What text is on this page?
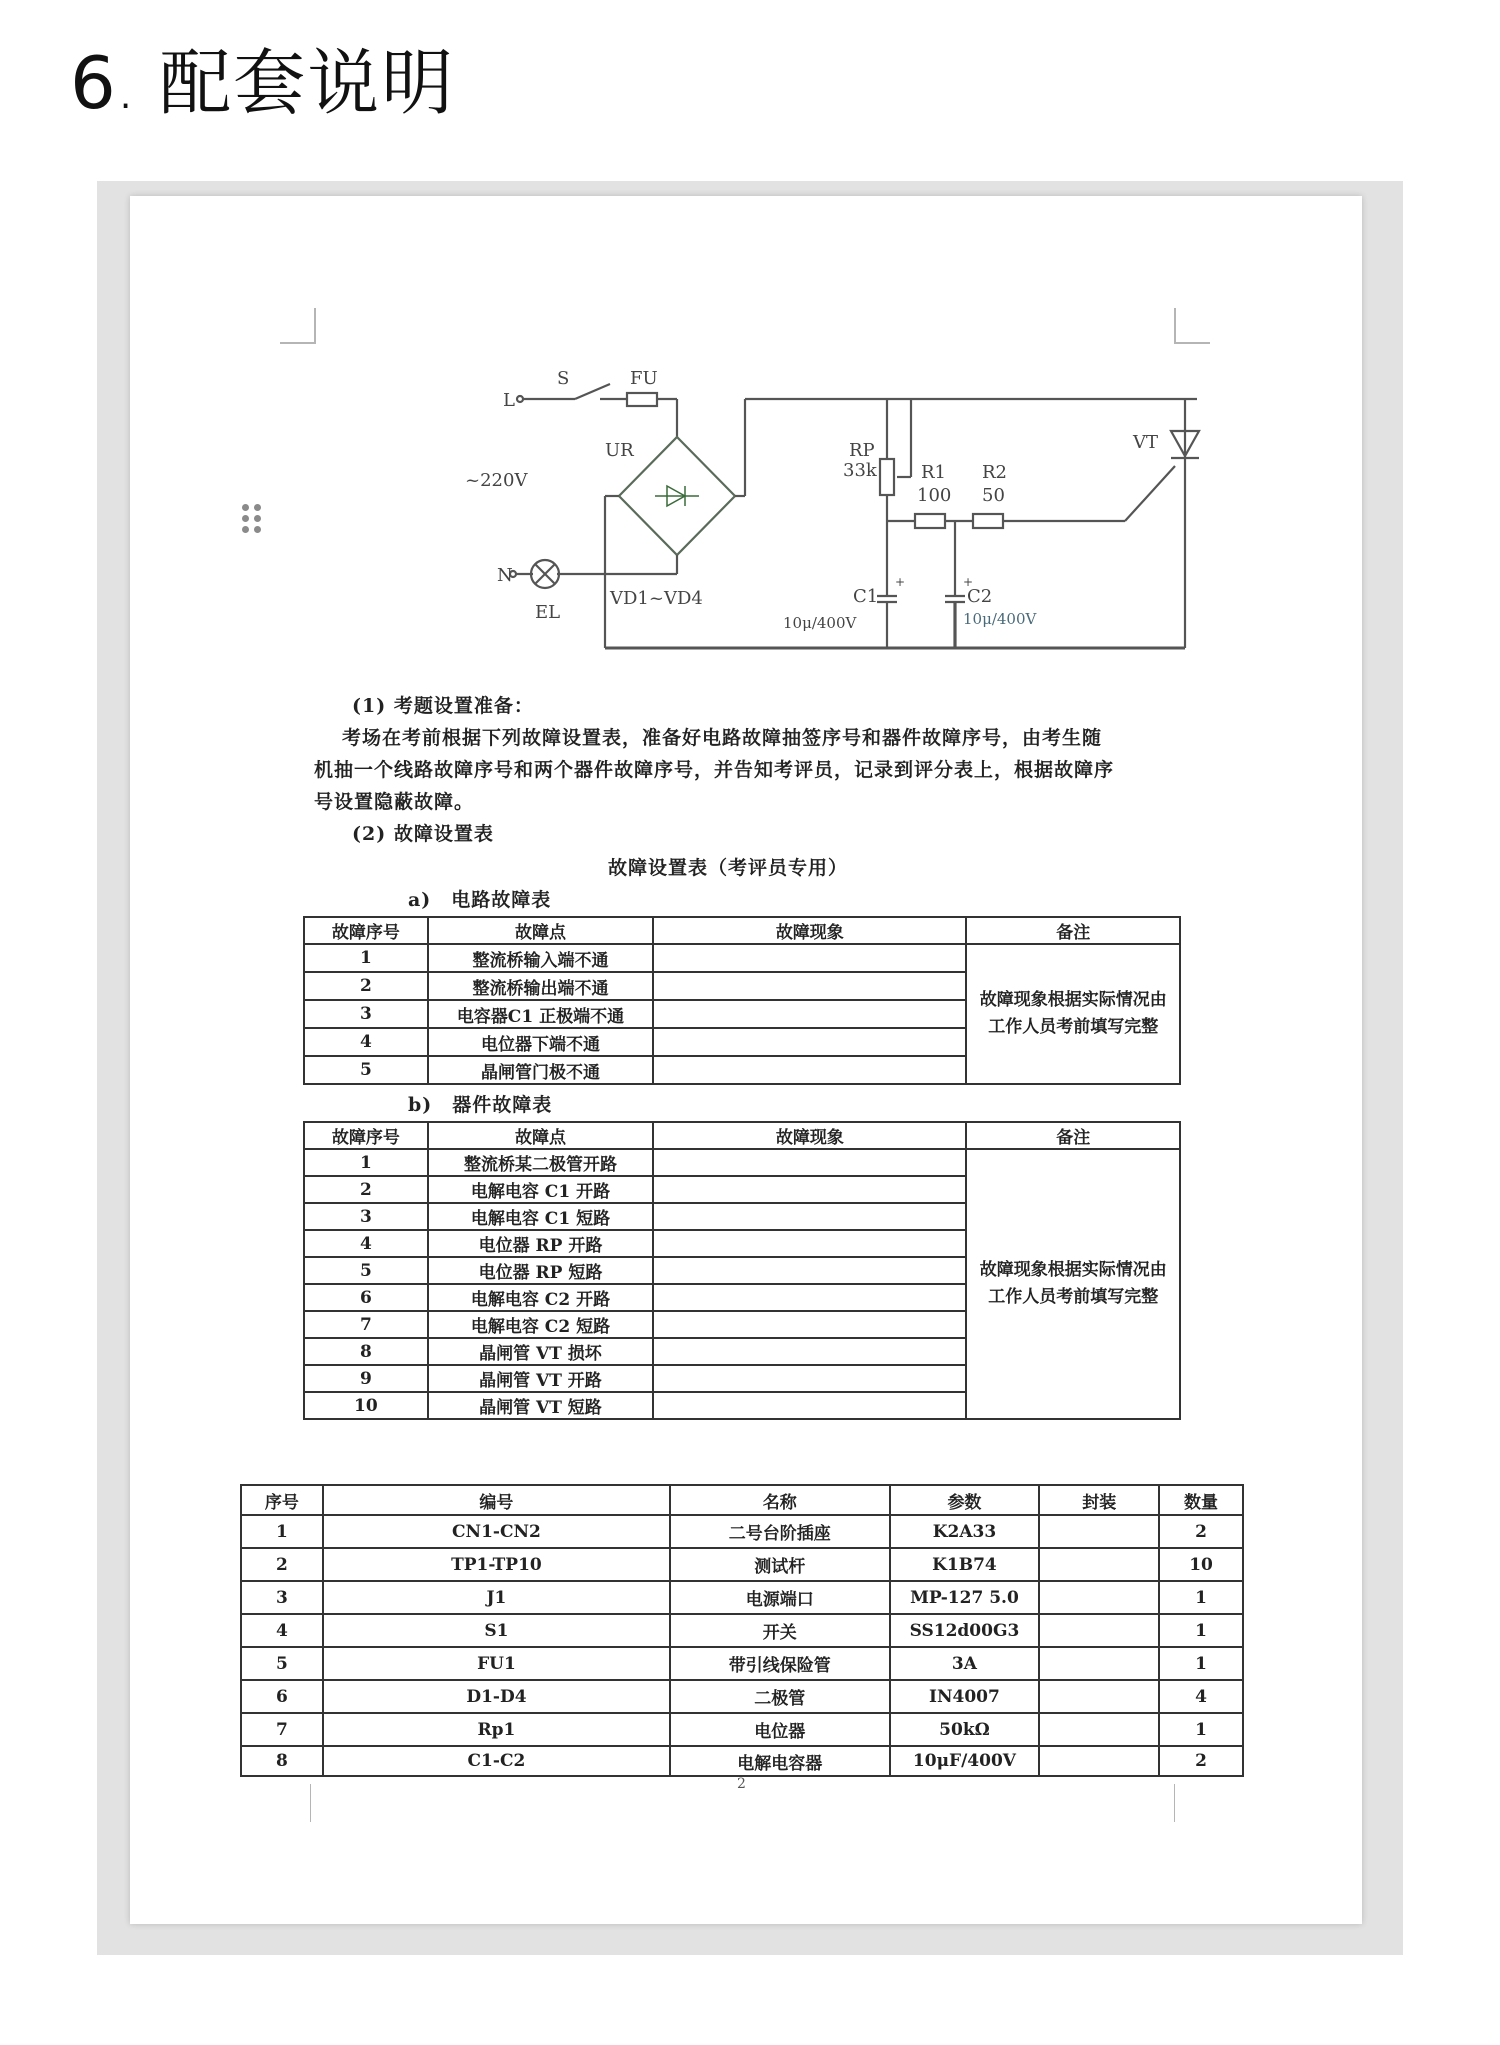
6. 配套说明
L
S	FU
UR
~220V
N
EL
VD1~VD4
RP
33k R1
100
R2
50
C1
10μ/400V
C2
10μ/400V
VT
+	+
(1) 考题设置准备：
考场在考前根据下列故障设置表，准备好电路故障抽签序号和器件故障序号，由考生随
机抽一个线路故障序号和两个器件故障序号，并告知考评员，记录到评分表上，根据故障序
号设置隐蔽故障。
(2) 故障设置表
故障设置表（考评员专用）
a)　电路故障表
故障序号	故障点	故障现象	备注
1	整流桥输入端不通		故障现象根据实际情况由工作人员考前填写完整
2	整流桥输出端不通		
3	电容器C1 正极端不通		
4	电位器下端不通		
5	晶闸管门极不通		
b)　器件故障表
故障序号	故障点	故障现象	备注
1	整流桥某二极管开路		故障现象根据实际情况由工作人员考前填写完整
2	电解电容 C1 开路		
3	电解电容 C1 短路		
4	电位器 RP 开路		
5	电位器 RP 短路		
6	电解电容 C2 开路		
7	电解电容 C2 短路		
8	晶闸管 VT 损坏		
9	晶闸管 VT 开路		
10	晶闸管 VT 短路		
序号	编号	名称	参数	封装	数量
1	CN1-CN2	二号台阶插座	K2A33		2
2	TP1-TP10	测试杆	K1B74		10
3	J1	电源端口	MP-127 5.0		1
4	S1	开关	SS12d00G3		1
5	FU1	带引线保险管	3A		1
6	D1-D4	二极管	IN4007		4
7	Rp1	电位器	50kΩ		1
8	C1-C2	电解电容器	10μF/400V		2
2
